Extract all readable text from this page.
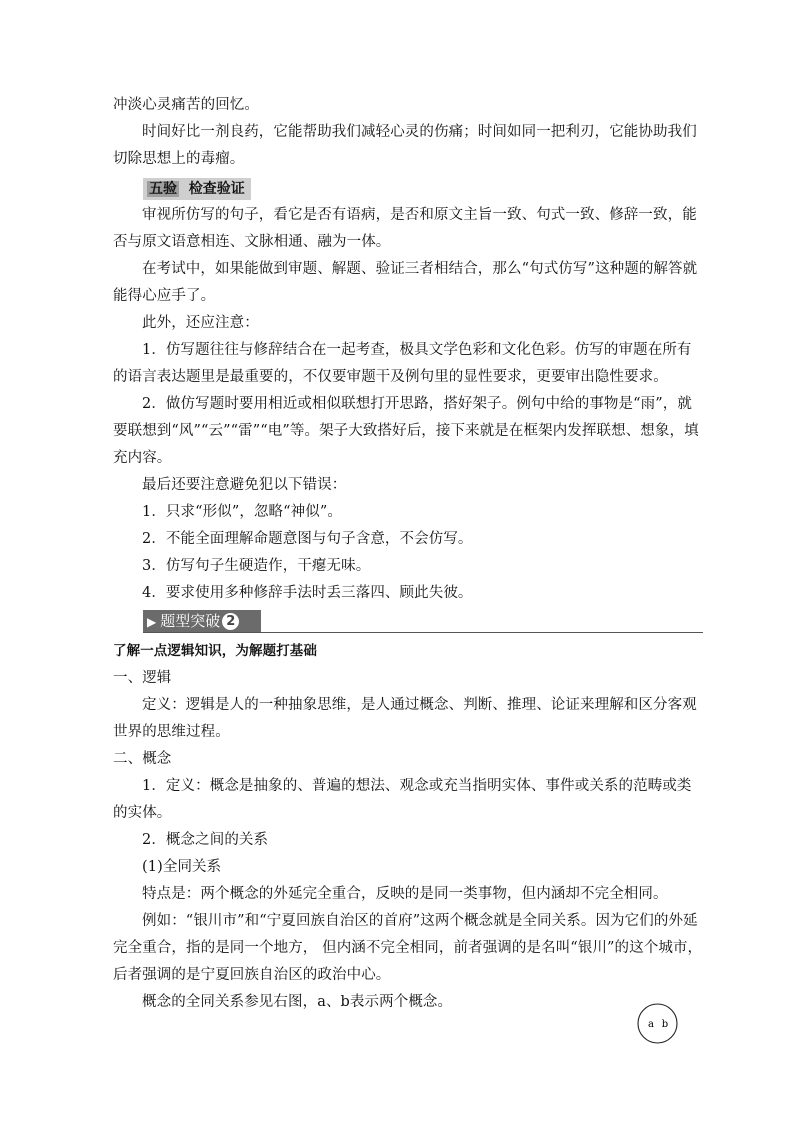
冲淡心灵痛苦的回忆。

时间好比一剂良药，它能帮助我们减轻心灵的伤痛；时间如同一把利刃，它能协助我们切除思想上的毒瘤。

五验 检查验证

审视所仿写的句子，看它是否有语病，是否和原文主旨一致、句式一致、修辞一致，能否与原文语意相连、文脉相通、融为一体。

在考试中，如果能做到审题、解题、验证三者相结合，那么“句式仿写”这种题的解答就能得心应手了。

此外，还应注意：

1．仿写题往往与修辞结合在一起考查，极具文学色彩和文化色彩。仿写的审题在所有的语言表达题里是最重要的，不仅要审题干及例句里的显性要求，更要审出隐性要求。

2．做仿写题时要用相近或相似联想打开思路，搭好架子。例句中给的事物是“雨”，就要联想到“风”“云”“雷”“电”等。架子大致搭好后，接下来就是在框架内发挥联想、想象，填充内容。

最后还要注意避免犯以下错误：

1．只求“形似”，忽略“神似”。

2．不能全面理解命题意图与句子含意，不会仿写。

3．仿写句子生硬造作，干瘪无味。

4．要求使用多种修辞手法时丢三落四、顾此失彼。

▶ 题型突破 2

了解一点逻辑知识，为解题打基础

一、逻辑

定义：逻辑是人的一种抽象思维，是人通过概念、判断、推理、论证来理解和区分客观世界的思维过程。

二、概念

1．定义：概念是抽象的、普遍的想法、观念或充当指明实体、事件或关系的范畴或类的实体。

2．概念之间的关系

(1)全同关系

特点是：两个概念的外延完全重合，反映的是同一类事物，但内涵却不完全相同。

例如：“银川市”和“宁夏回族自治区的首府”这两个概念就是全同关系。因为它们的外延完全重合，指的是同一个地方， 但内涵不完全相同，前者强调的是名叫“银川”的这个城市，后者强调的是宁夏回族自治区的政治中心。

概念的全同关系参见右图，a、b表示两个概念。

a b
